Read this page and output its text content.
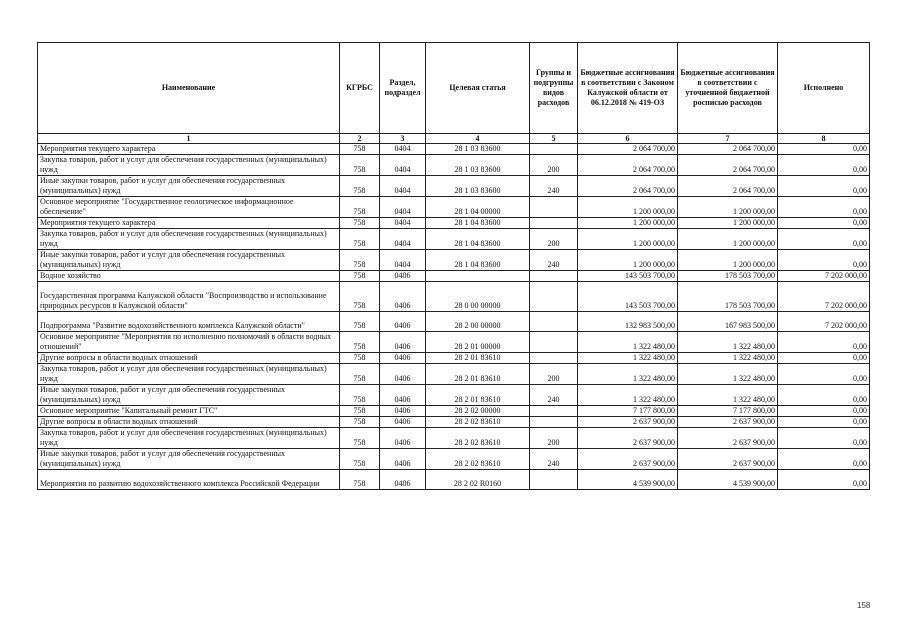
Наименование	КГРБС	Раздел, подраздел	Целевая статья	Группы и подгруппы видов расходов	Бюджетные ассигнования в соответствии с Законом Калужской области от 06.12.2018 № 419-ОЗ	Бюджетные ассигнования в соответствии с уточненной бюджетной росписью расходов	Исполнено
1	2	3	4	5	6	7	8
Мероприятия текущего характера	758	0404	28 1 03 83600		2 064 700,00	2 064 700,00	0,00
Закупка товаров, работ и услуг для обеспечения государственных (муниципальных) нужд	758	0404	28 1 03 83600	200	2 064 700,00	2 064 700,00	0,00
Иные закупки товаров, работ и услуг для обеспечения государственных (муниципальных) нужд	758	0404	28 1 03 83600	240	2 064 700,00	2 064 700,00	0,00
Основное мероприятие "Государственное геологическое информационное обеспечение"	758	0404	28 1 04 00000		1 200 000,00	1 200 000,00	0,00
Мероприятия текущего характера	758	0404	28 1 04 83600		1 200 000,00	1 200 000,00	0,00
Закупка товаров, работ и услуг для обеспечения государственных (муниципальных) нужд	758	0404	28 1 04 83600	200	1 200 000,00	1 200 000,00	0,00
Иные закупки товаров, работ и услуг для обеспечения государственных (муниципальных) нужд	758	0404	28 1 04 83600	240	1 200 000,00	1 200 000,00	0,00
Водное хозяйство	758	0406			143 503 700,00	178 503 700,00	7 202 000,00
Государственная программа Калужской области "Воспроизводство и использование природных ресурсов в Калужской области"	758	0406	28 0 00 00000		143 503 700,00	178 503 700,00	7 202 000,00
Подпрограмма "Развитие водохозяйственного комплекса Калужской области"	758	0406	28 2 00 00000		132 983 500,00	167 983 500,00	7 202 000,00
Основное мероприятие "Мероприятия по исполнению полномочий в области водных отношений"	758	0406	28 2 01 00000		1 322 480,00	1 322 480,00	0,00
Другие вопросы в области водных отношений	758	0406	28 2 01 83610		1 322 480,00	1 322 480,00	0,00
Закупка товаров, работ и услуг для обеспечения государственных (муниципальных) нужд	758	0406	28 2 01 83610	200	1 322 480,00	1 322 480,00	0,00
Иные закупки товаров, работ и услуг для обеспечения государственных (муниципальных) нужд	758	0406	28 2 01 83610	240	1 322 480,00	1 322 480,00	0,00
Основное мероприятие "Капитальный ремонт ГТС"	758	0406	28 2 02 00000		7 177 800,00	7 177 800,00	0,00
Другие вопросы в области водных отношений	758	0406	28 2 02 83610		2 637 900,00	2 637 900,00	0,00
Закупка товаров, работ и услуг для обеспечения государственных (муниципальных) нужд	758	0406	28 2 02 83610	200	2 637 900,00	2 637 900,00	0,00
Иные закупки товаров, работ и услуг для обеспечения государственных (муниципальных) нужд	758	0406	28 2 02 83610	240	2 637 900,00	2 637 900,00	0,00
Мероприятия по развитию водохозяйственного комплекса Российской Федерации	758	0406	28 2 02 R0160		4 539 900,00	4 539 900,00	0,00
158
